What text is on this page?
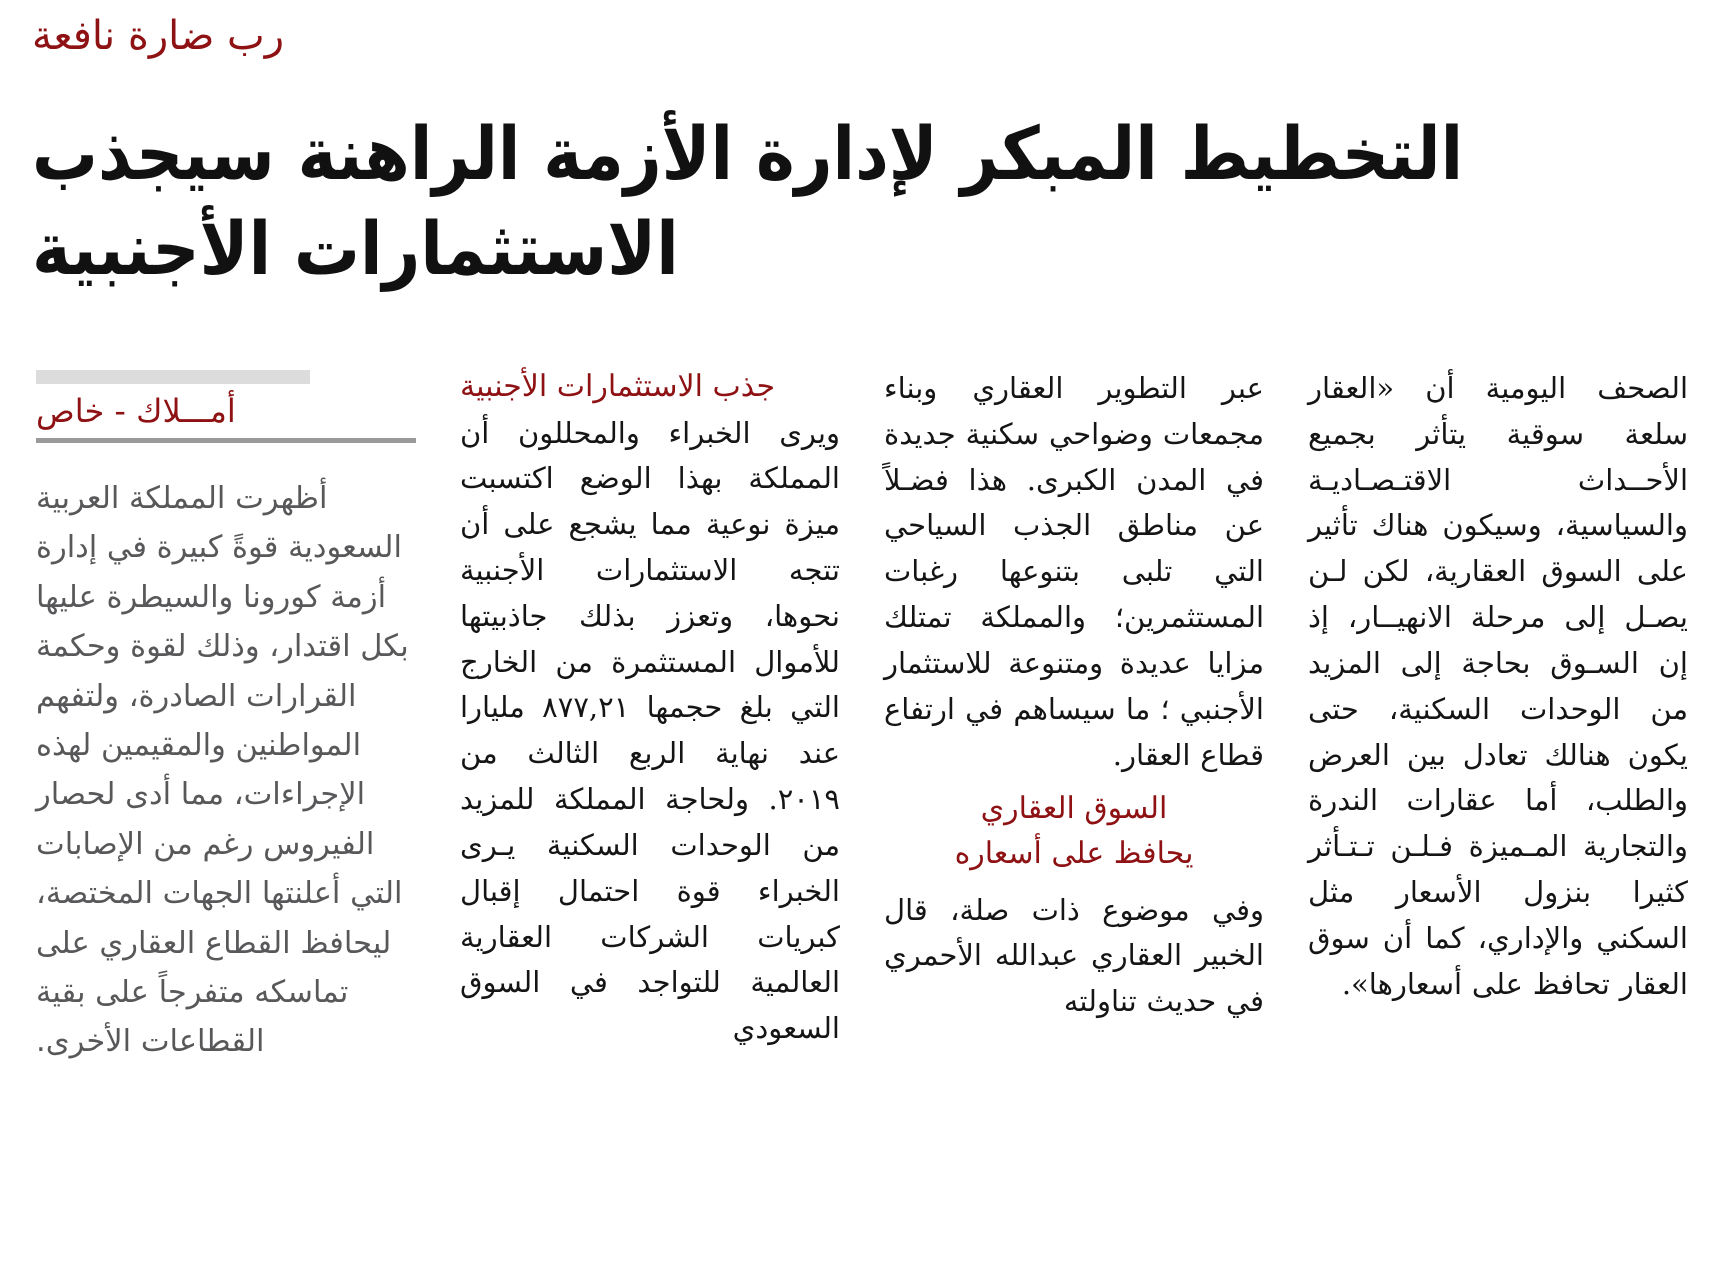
رب ضارة نافعة
التخطيط المبكر لإدارة الأزمة الراهنة سيجذب الاستثمارات الأجنبية
أمـــلاك - خاص

أظهرت المملكة العربية السعودية قوةً كبيرة في إدارة أزمة كورونا والسيطرة عليها بكل اقتدار، وذلك لقوة وحكمة القرارات الصادرة، ولتفهم المواطنين والمقيمين لهذه الإجراءات، مما أدى لحصار الفيروس رغم من الإصابات التي أعلنتها الجهات المختصة، ليحافظ القطاع العقاري على تماسكه متفرجاً على بقية القطاعات الأخرى.

جذب الاستثمارات الأجنبية

ويرى الخبراء والمحللون أن المملكة بهذا الوضع اكتسبت ميزة نوعية مما يشجع على أن تتجه الاستثمارات الأجنبية نحوها، وتعزز بذلك جاذبيتها للأموال المستثمرة من الخارج التي بلغ حجمها ٨٧٧,٢١ مليارا عند نهاية الربع الثالث من ٢٠١٩. ولحاجة المملكة للمزيد من الوحدات السكنية يـرى الخبراء قوة احتمال إقبال كبريات الشركات العقارية العالمية للتواجد في السوق السعودي

عبر التطوير العقاري وبناء مجمعات وضواحي سكنية جديدة في المدن الكبرى. هذا فضـلاً عن مناطق الجذب السياحي التي تلبى بتنوعها رغبات المستثمرين؛ والمملكة تمتلك مزايا عديدة ومتنوعة للاستثمار الأجنبي ؛ ما سيساهم في ارتفاع قطاع العقار.

السوق العقاري

يحافظ على أسعاره

وفي موضوع ذات صلة، قال الخبير العقاري عبدالله الأحمري في حديث تناولته

الصحف اليومية أن «العقار سلعة سوقية يتأثر بجميع الأحــداث الاقتـصـاديـة والسياسية، وسيكون هناك تأثير على السوق العقارية، لكن لـن يصـل إلى مرحلة الانهيــار، إذ إن السـوق بحاجة إلى المزيد من الوحدات السكنية، حتى يكون هنالك تعادل بين العرض والطلب، أما عقارات الندرة والتجارية المـميزة فـلـن تـتـأثر كثيرا بنزول الأسعار مثل السكني والإداري، كما أن سوق العقار تحافظ على أسعارها».
